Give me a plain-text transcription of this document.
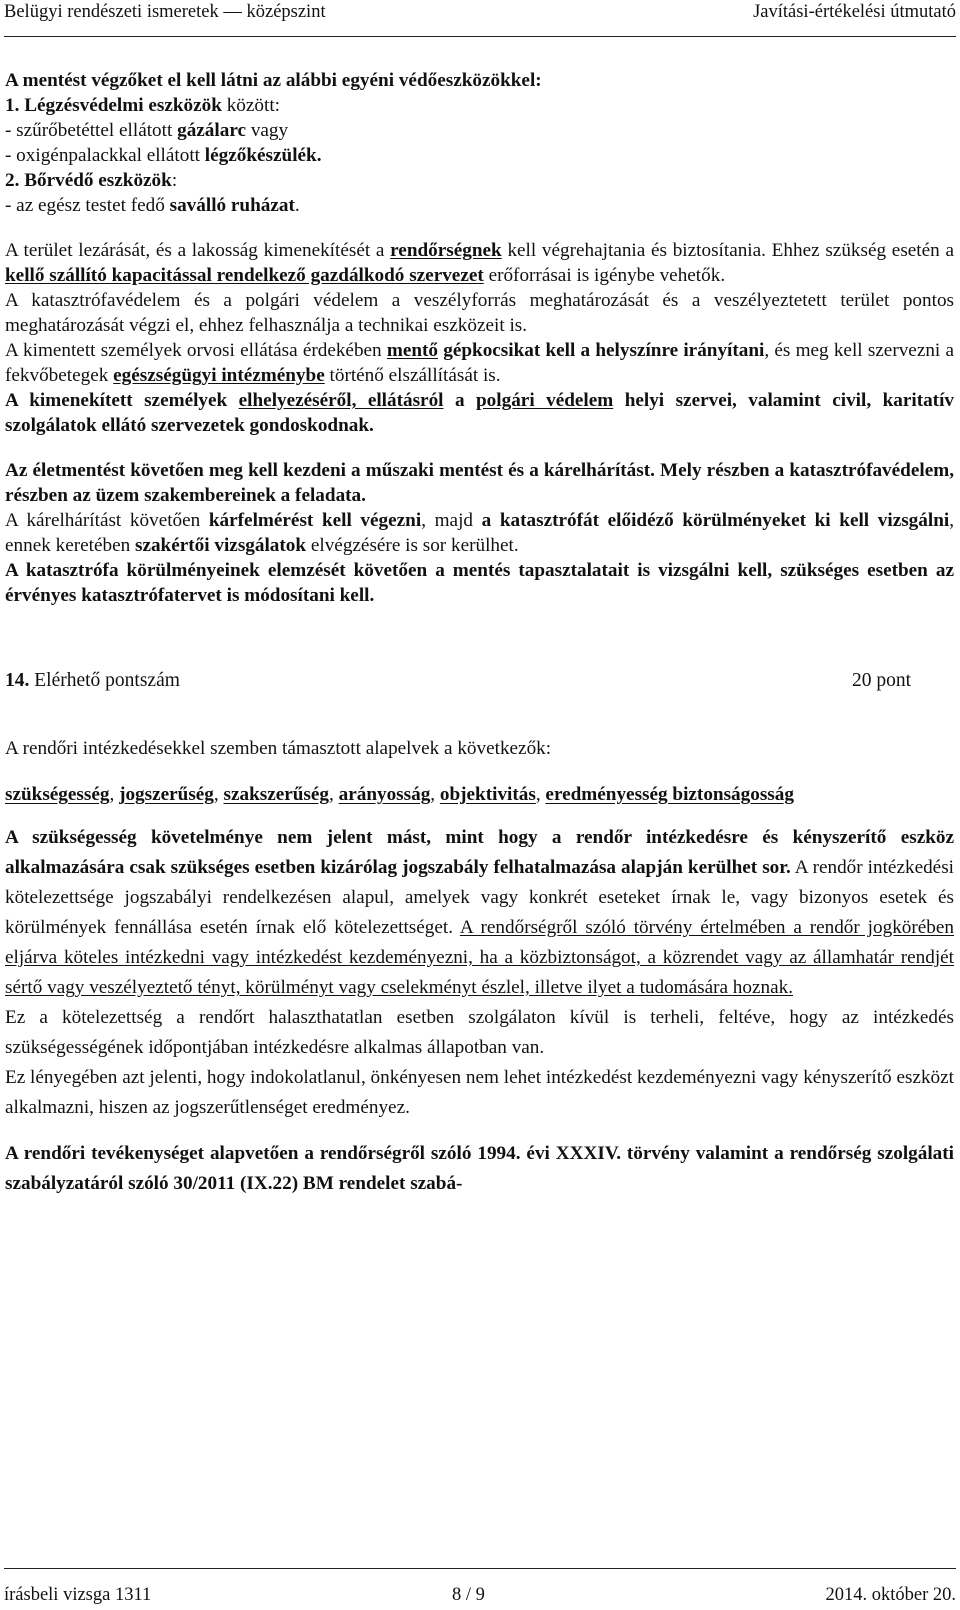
Belügyi rendészeti ismeretek — középszint	Javítási-értékelési útmutató
A mentést végzőket el kell látni az alábbi egyéni védőeszközökkel:
1. Légzésvédelmi eszközök között:
- szűrőbetéttel ellátott gázálarc vagy
- oxigénpalackkal ellátott légzőkészülék.
2. Bőrvédő eszközök:
- az egész testet fedő saválló ruházat.

A terület lezárását, és a lakosság kimenekítését a rendőrségnek kell végrehajtania és biztosítania. Ehhez szükség esetén a kellő szállító kapacitással rendelkező gazdálkodó szervezet erőforrásai is igénybe vehetők.

A katasztrófavédelem és a polgári védelem a veszélyforrás meghatározását és a veszélyeztetett terület pontos meghatározását végzi el, ehhez felhasználja a technikai eszközeit is.

A kimentett személyek orvosi ellátása érdekében mentő gépkocsikat kell a helyszínre irányítani, és meg kell szervezni a fekvőbetegek egészségügyi intézménybe történő elszállítását is.

A kimenekített személyek elhelyezéséről, ellátásról a polgári védelem helyi szervei, valamint civil, karitatív szolgálatok ellátó szervezetek gondoskodnak.

Az életmentést követően meg kell kezdeni a műszaki mentést és a kárelhárítást. Mely részben a katasztrófavédelem, részben az üzem szakembereinek a feladata.

A kárelhárítást követően kárfelmérést kell végezni, majd a katasztrófát előidéző körülményeket ki kell vizsgálni, ennek keretében szakértői vizsgálatok elvégzésére is sor kerülhet.

A katasztrófa körülményeinek elemzését követően a mentés tapasztalatait is vizsgálni kell, szükséges esetben az érvényes katasztrófatervet is módosítani kell.

14. Elérhető pontszám	20 pont

A rendőri intézkedésekkel szemben támasztott alapelvek a következők:

szükségesség, jogszerűség, szakszerűség, arányosság, objektivitás, eredményesség biztonságosság

A szükségesség követelménye nem jelent mást, mint hogy a rendőr intézkedésre és kényszerítő eszköz alkalmazására csak szükséges esetben kizárólag jogszabály felhatalmazása alapján kerülhet sor. A rendőr intézkedési kötelezettsége jogszabályi rendelkezésen alapul, amelyek vagy konkrét eseteket írnak le, vagy bizonyos esetek és körülmények fennállása esetén írnak elő kötelezettséget. A rendőrségről szóló törvény értelmében a rendőr jogkörében eljárva köteles intézkedni vagy intézkedést kezdeményezni, ha a közbiztonságot, a közrendet vagy az államhatár rendjét sértő vagy veszélyeztető tényt, körülményt vagy cselekményt észlel, illetve ilyet a tudomására hoznak.

Ez a kötelezettség a rendőrt halaszthatatlan esetben szolgálaton kívül is terheli, feltéve, hogy az intézkedés szükségességének időpontjában intézkedésre alkalmas állapotban van.

Ez lényegében azt jelenti, hogy indokolatlanul, önkényesen nem lehet intézkedést kezdeményezni vagy kényszerítő eszközt alkalmazni, hiszen az jogszerűtlenséget eredményez.

A rendőri tevékenységet alapvetően a rendőrségről szóló 1994. évi XXXIV. törvény valamint a rendőrség szolgálati szabályzatáról szóló 30/2011 (IX.22) BM rendelet szabá-

írásbeli vizsga 1311	8 / 9	2014. október 20.
